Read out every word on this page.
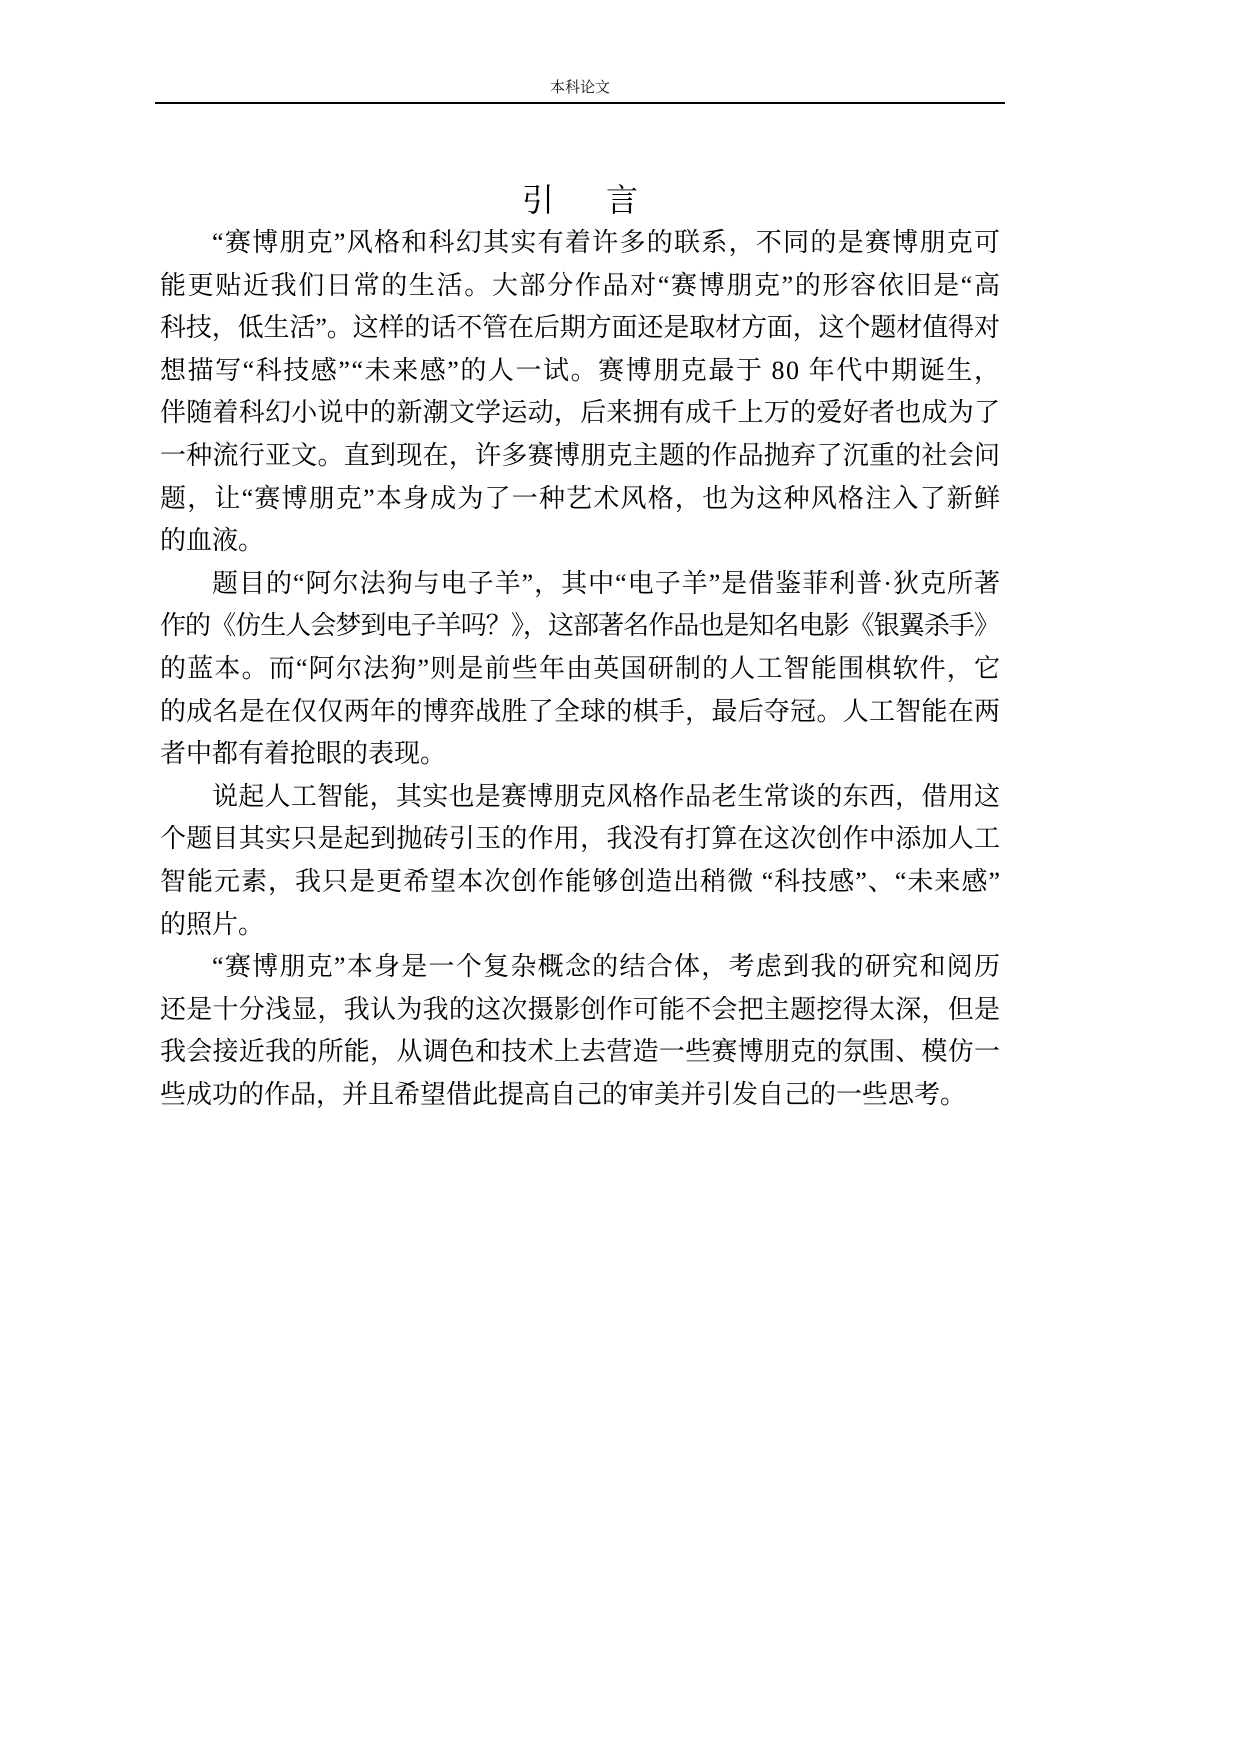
本科论文
引　言
“赛博朋克”风格和科幻其实有着许多的联系，不同的是赛博朋克可
能更贴近我们日常的生活。大部分作品对“赛博朋克”的形容依旧是“高
科技，低生活”。这样的话不管在后期方面还是取材方面，这个题材值得对
想描写“科技感”“未来感”的人一试。赛博朋克最于 80 年代中期诞生，
伴随着科幻小说中的新潮文学运动，后来拥有成千上万的爱好者也成为了
一种流行亚文。直到现在，许多赛博朋克主题的作品抛弃了沉重的社会问
题，让“赛博朋克”本身成为了一种艺术风格，也为这种风格注入了新鲜
的血液。
题目的“阿尔法狗与电子羊”，其中“电子羊”是借鉴菲利普·狄克所著
作的《仿生人会梦到电子羊吗？》，这部著名作品也是知名电影《银翼杀手》
的蓝本。而“阿尔法狗”则是前些年由英国研制的人工智能围棋软件，它
的成名是在仅仅两年的博弈战胜了全球的棋手，最后夺冠。人工智能在两
者中都有着抢眼的表现。
说起人工智能，其实也是赛博朋克风格作品老生常谈的东西，借用这
个题目其实只是起到抛砖引玉的作用，我没有打算在这次创作中添加人工
智能元素，我只是更希望本次创作能够创造出稍微 “科技感”、“未来感”
的照片。
“赛博朋克”本身是一个复杂概念的结合体，考虑到我的研究和阅历
还是十分浅显，我认为我的这次摄影创作可能不会把主题挖得太深，但是
我会接近我的所能，从调色和技术上去营造一些赛博朋克的氛围、模仿一
些成功的作品，并且希望借此提高自己的审美并引发自己的一些思考。
